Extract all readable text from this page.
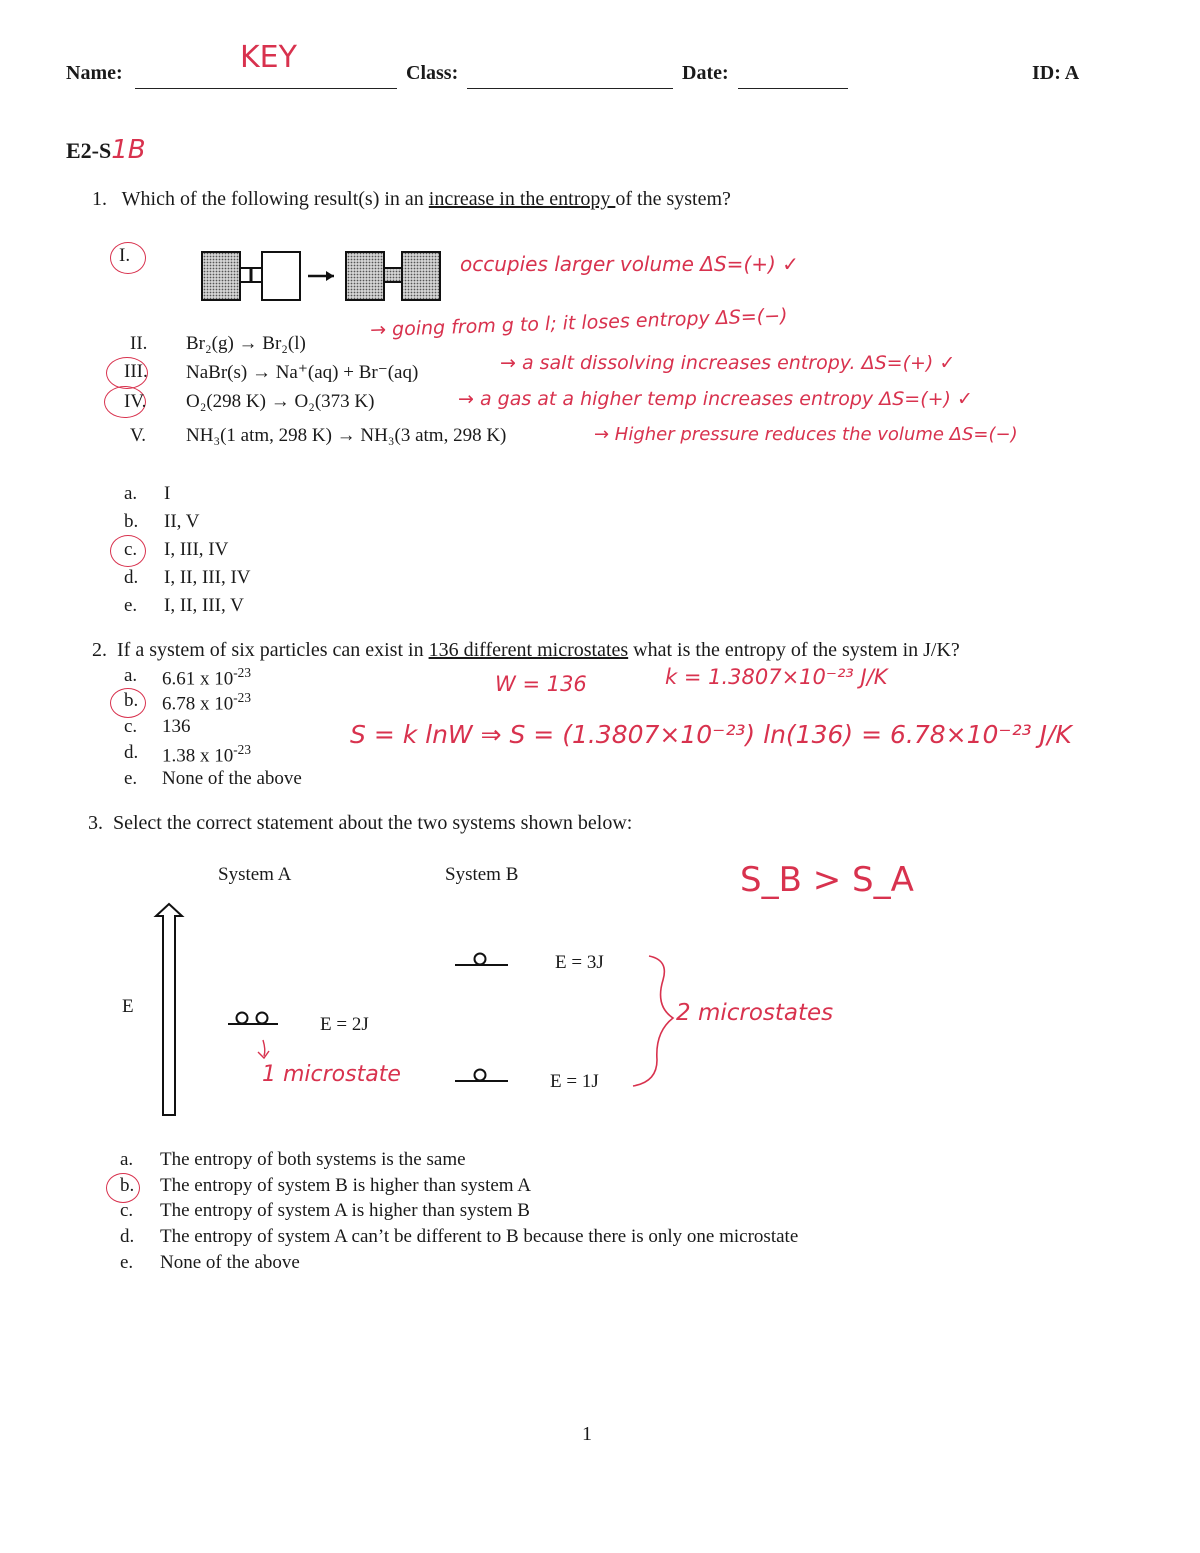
Name:	KEY	Class:	Date:	ID: A
E2-S1B
1. Which of the following result(s) in an increase in the entropy of the system?
I.	occupies larger volume ΔS=(+) ✓
II. Br₂(g) → Br₂(l)
→ going from g to l; it loses entropy ΔS=(−)
III. NaBr(s) → Na⁺(aq) + Br⁻(aq)	→ a salt dissolving increases entropy. ΔS=(+) ✓
IV. O₂(298 K) → O₂(373 K)	→ a gas at a higher temp increases entropy ΔS=(+) ✓
V. NH₃(1 atm, 298 K) → NH₃(3 atm, 298 K)	→ Higher pressure reduces the volume ΔS=(−)
a. I
b. II, V
c. I, III, IV
d. I, II, III, IV
e. I, II, III, V
2. If a system of six particles can exist in 136 different microstates what is the entropy of the system in J/K?
a. 6.61 x $10^{-23}$
b. 6.78 x $10^{-23}$
c. 136
d. 1.38 x $10^{-23}$
e. None of the above
W = 136	k = 1.3807×10⁻²³ J/K
S = k lnW ⇒ S = (1.3807×10⁻²³) ln(136) = 6.78×10⁻²³ J/K
3. Select the correct statement about the two systems shown below:
System A	System B	S_B > S_A
E
E = 2J
E = 3J
E = 1J
1 microstate
2 microstates
a. The entropy of both systems is the same
b. The entropy of system B is higher than system A
c. The entropy of system A is higher than system B
d. The entropy of system A can’t be different to B because there is only one microstate
e. None of the above
1
